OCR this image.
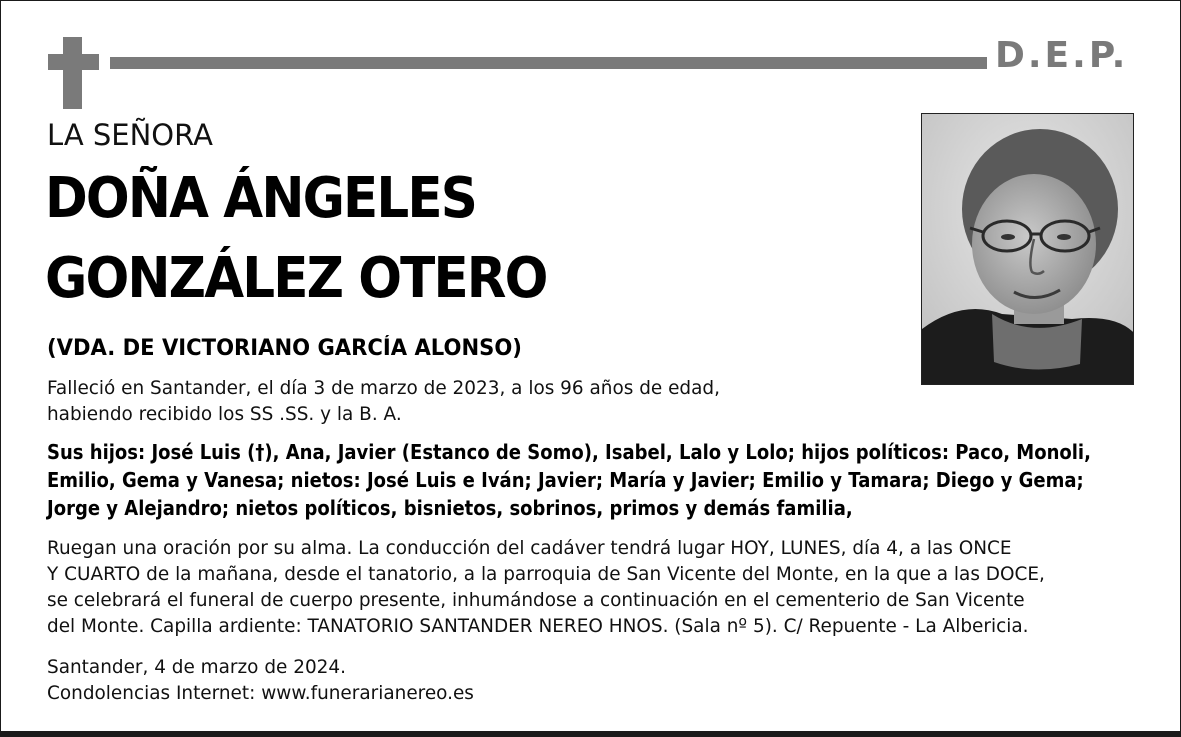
D.E.P.
LA SEÑORA
DOÑA ÁNGELES
GONZÁLEZ OTERO
(VDA. DE VICTORIANO GARCÍA ALONSO)
Falleció en Santander, el día 3 de marzo de 2023, a los 96 años de edad,
habiendo recibido los SS .SS. y la B. A.
Sus hijos: José Luis (†), Ana, Javier (Estanco de Somo), Isabel, Lalo y Lolo; hijos políticos: Paco, Monoli,
Emilio, Gema y Vanesa; nietos: José Luis e Iván; Javier; María y Javier; Emilio y Tamara; Diego y Gema;
Jorge y Alejandro; nietos políticos, bisnietos, sobrinos, primos y demás familia,
Ruegan una oración por su alma. La conducción del cadáver tendrá lugar HOY, LUNES, día 4, a las ONCE
Y CUARTO de la mañana, desde el tanatorio, a la parroquia de San Vicente del Monte, en la que a las DOCE,
se celebrará el funeral de cuerpo presente, inhumándose a continuación en el cementerio de San Vicente
del Monte. Capilla ardiente: TANATORIO SANTANDER NEREO HNOS. (Sala nº 5). C/ Repuente - La Albericia.
Santander, 4 de marzo de 2024.
Condolencias Internet: www.funerarianereo.es
